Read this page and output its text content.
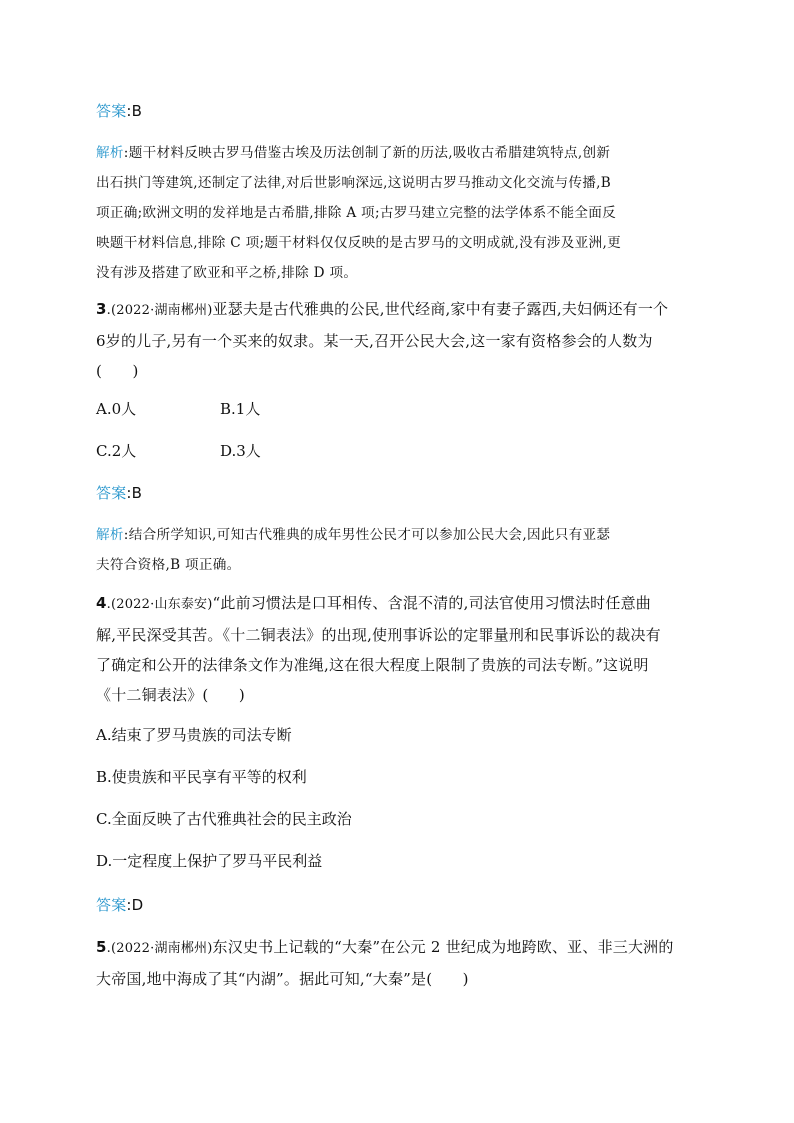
答案:B
解析:题干材料反映古罗马借鉴古埃及历法创制了新的历法,吸收古希腊建筑特点,创新
出石拱门等建筑,还制定了法律,对后世影响深远,这说明古罗马推动文化交流与传播,B
项正确;欧洲文明的发祥地是古希腊,排除 A 项;古罗马建立完整的法学体系不能全面反
映题干材料信息,排除 C 项;题干材料仅仅反映的是古罗马的文明成就,没有涉及亚洲,更
没有涉及搭建了欧亚和平之桥,排除 D 项。
3.(2022·湖南郴州)亚瑟夫是古代雅典的公民,世代经商,家中有妻子露西,夫妇俩还有一个
6岁的儿子,另有一个买来的奴隶。某一天,召开公民大会,这一家有资格参会的人数为
(　　)
A.0人	B.1人
C.2人	D.3人
答案:B
解析:结合所学知识,可知古代雅典的成年男性公民才可以参加公民大会,因此只有亚瑟
夫符合资格,B 项正确。
4.(2022·山东泰安)“此前习惯法是口耳相传、含混不清的,司法官使用习惯法时任意曲
解,平民深受其苦。《十二铜表法》的出现,使刑事诉讼的定罪量刑和民事诉讼的裁决有
了确定和公开的法律条文作为准绳,这在很大程度上限制了贵族的司法专断。”这说明
《十二铜表法》(　　)
A.结束了罗马贵族的司法专断
B.使贵族和平民享有平等的权利
C.全面反映了古代雅典社会的民主政治
D.一定程度上保护了罗马平民利益
答案:D
5.(2022·湖南郴州)东汉史书上记载的“大秦”在公元 2 世纪成为地跨欧、亚、非三大洲的
大帝国,地中海成了其“内湖”。据此可知,“大秦”是(　　)
